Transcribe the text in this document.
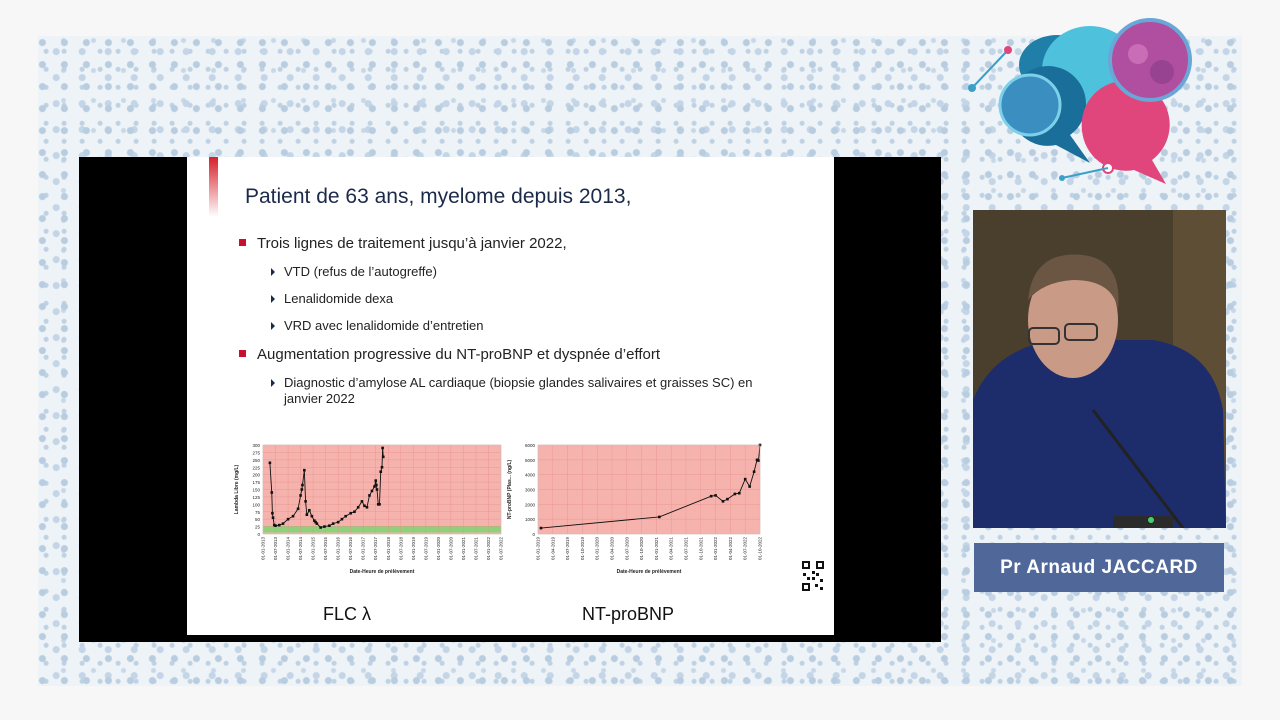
Patient de 63 ans, myelome depuis 2013,
Trois lignes de traitement jusqu’à janvier 2022,
VTD (refus de l’autogreffe)
Lenalidomide dexa
VRD avec lenalidomide d’entretien
Augmentation progressive du NT-proBNP et dyspnée d’effort
Diagnostic d’amylose AL cardiaque (biopsie glandes salivaires et graisses SC) en janvier 2022
0
25
50
75
100
125
150
175
200
225
250
275
300
01-01-2013 01-07-2013 01-01-2014 01-07-2014 01-01-2015 01-07-2015 01-01-2016 01-07-2016 01-01-2017 01-07-2017 01-01-2018 01-07-2018 01-01-2019 01-07-2019 01-01-2020 01-07-2020 01-01-2021 01-07-2021 01-01-2022 01-07-2022
Lambda Libre (mg/L)
Date-Heure de prélèvement
0
1000
2000
3000
4000
5000
6000
01-01-2019 01-04-2019 01-07-2019 01-10-2019 01-01-2020 01-04-2020 01-07-2020 01-10-2020 01-01-2021 01-04-2021 01-07-2021 01-10-2021 01-01-2022 01-04-2022 01-07-2022 01-10-2022
NT-proBNP (Plas... (ng/L)
Date-Heure de prélèvement
FLC λ	NT-proBNP
Pr Arnaud JACCARD
